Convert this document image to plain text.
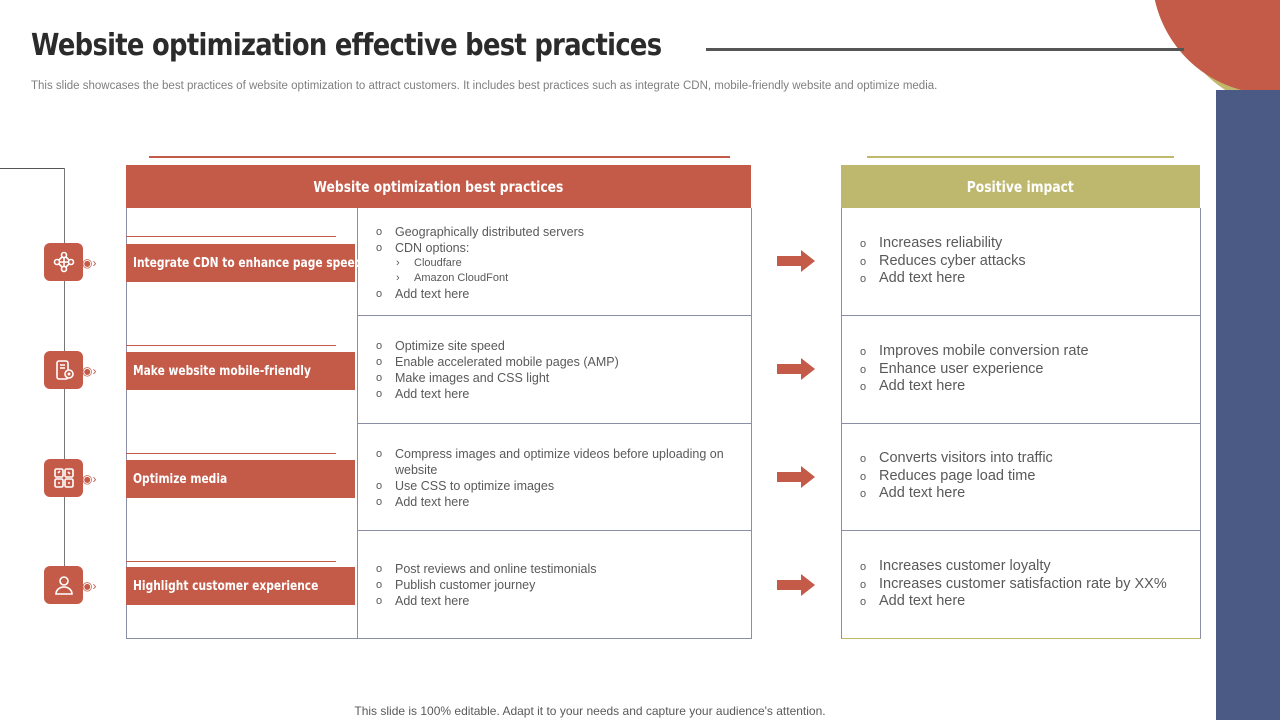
Website optimization effective best practices
This slide showcases the best practices of website optimization to attract customers. It includes best practices such as integrate CDN, mobile-friendly website and optimize media.
◉›
◉›
◉›
◉›
Website optimization best practices	Positive impact
Integrate CDN to enhance page speed
Make website mobile-friendly
Optimize media
Highlight customer experience
o Geographically distributed servers
o CDN options:
› Cloudfare
› Amazon CloudFont
o Add text here
o Optimize site speed
o Enable accelerated mobile pages (AMP)
o Make images and CSS light
o Add text here
o Compress images and optimize videos before uploading on website
o Use CSS to optimize images
o Add text here
o Post reviews and online testimonials
o Publish customer journey
o Add text here
o Increases reliability
o Reduces cyber attacks
o Add text here
o Improves mobile conversion rate
o Enhance user experience
o Add text here
o Converts visitors into traffic
o Reduces page load time
o Add text here
o Increases customer loyalty
o Increases customer satisfaction rate by XX%
o Add text here
This slide is 100% editable. Adapt it to your needs and capture your audience's attention.
